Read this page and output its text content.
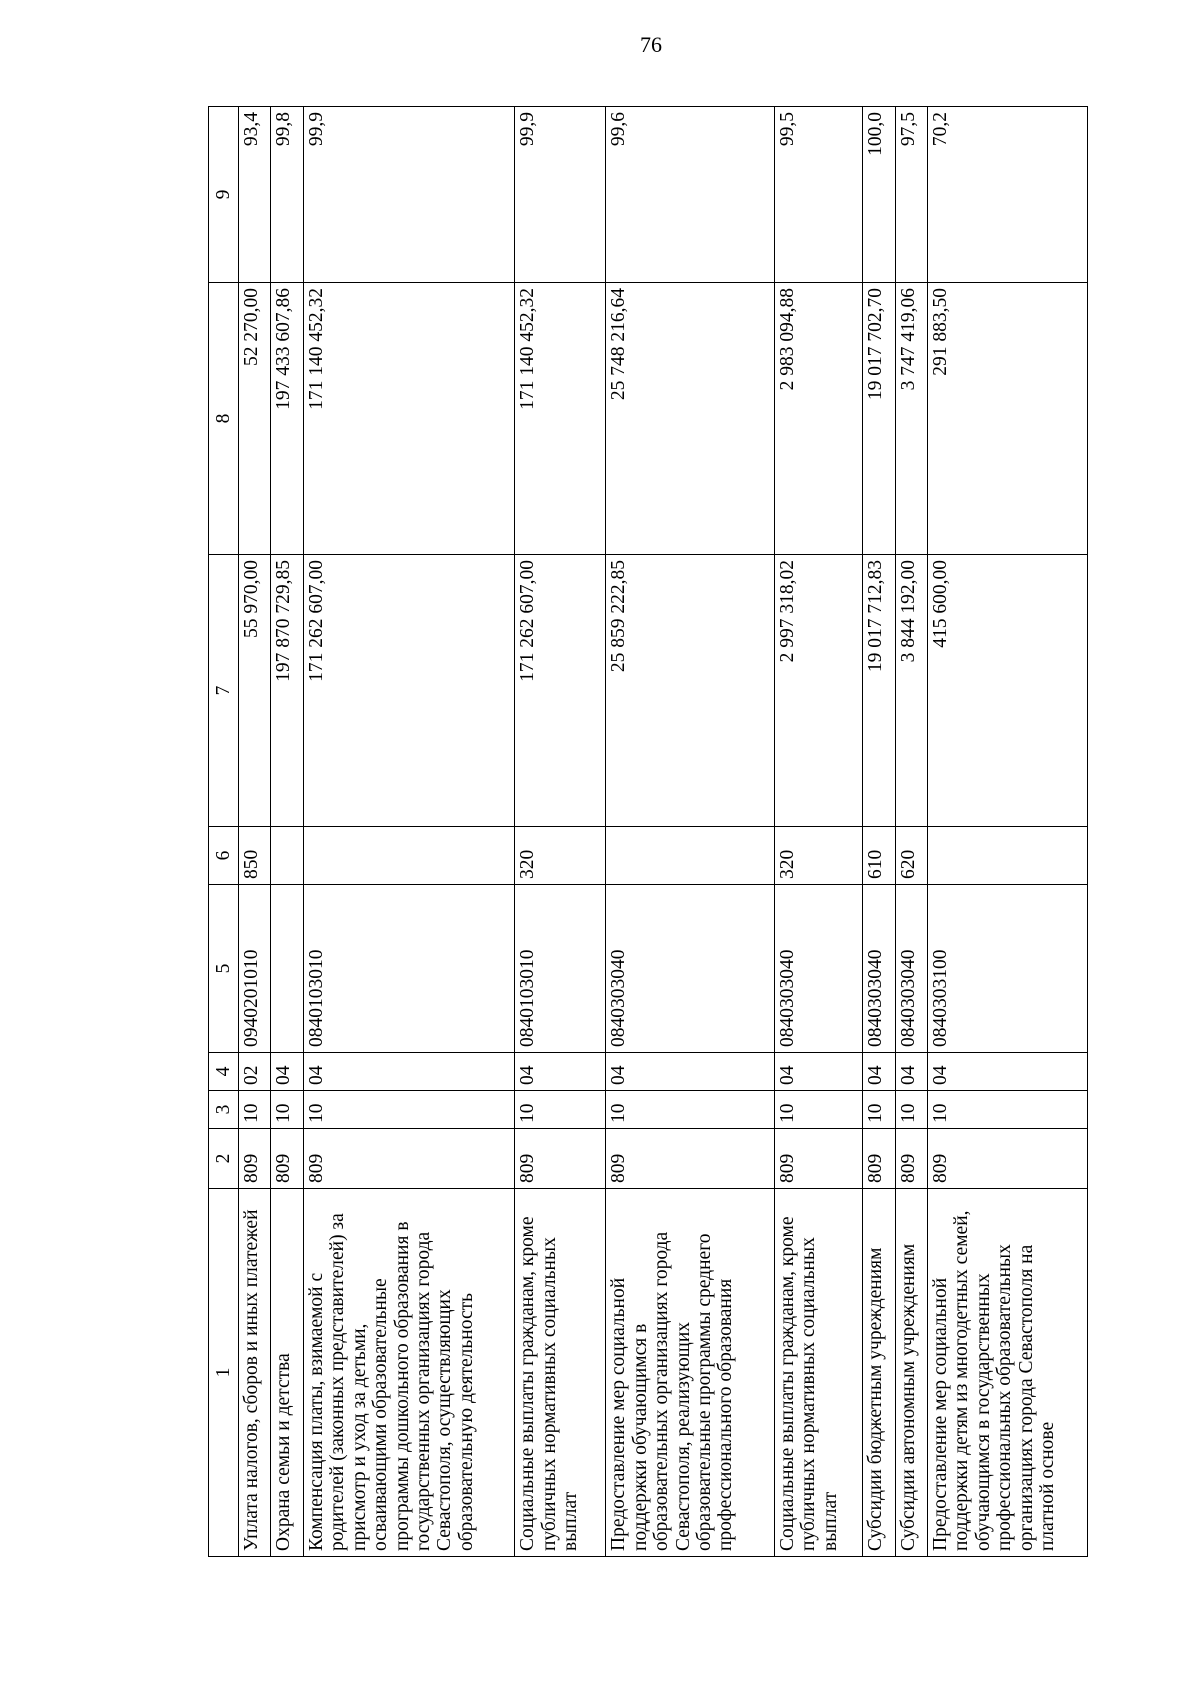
76
1	2	3	4	5	6	7	8	9
Уплата налогов, сборов и иных платежей	809	10	02	0940201010	850	55 970,00	52 270,00	93,4
Охрана семьи и детства	809	10	04			197 870 729,85	197 433 607,86	99,8
Компенсация платы, взимаемой с родителей (законных представителей) за присмотр и уход за детьми, осваивающими образовательные программы дошкольного образования в государственных организациях города Севастополя, осуществляющих образовательную деятельность	809	10	04	0840103010		171 262 607,00	171 140 452,32	99,9
Социальные выплаты гражданам, кроме публичных нормативных социальных выплат	809	10	04	0840103010	320	171 262 607,00	171 140 452,32	99,9
Предоставление мер социальной поддержки обучающимся в образовательных организациях города Севастополя, реализующих образовательные программы среднего профессионального образования	809	10	04	0840303040		25 859 222,85	25 748 216,64	99,6
Социальные выплаты гражданам, кроме публичных нормативных социальных выплат	809	10	04	0840303040	320	2 997 318,02	2 983 094,88	99,5
Субсидии бюджетным учреждениям	809	10	04	0840303040	610	19 017 712,83	19 017 702,70	100,0
Субсидии автономным учреждениям	809	10	04	0840303040	620	3 844 192,00	3 747 419,06	97,5
Предоставление мер социальной поддержки детям из многодетных семей, обучающимся в государственных профессиональных образовательных организациях города Севастополя на платной основе	809	10	04	0840303100		415 600,00	291 883,50	70,2
